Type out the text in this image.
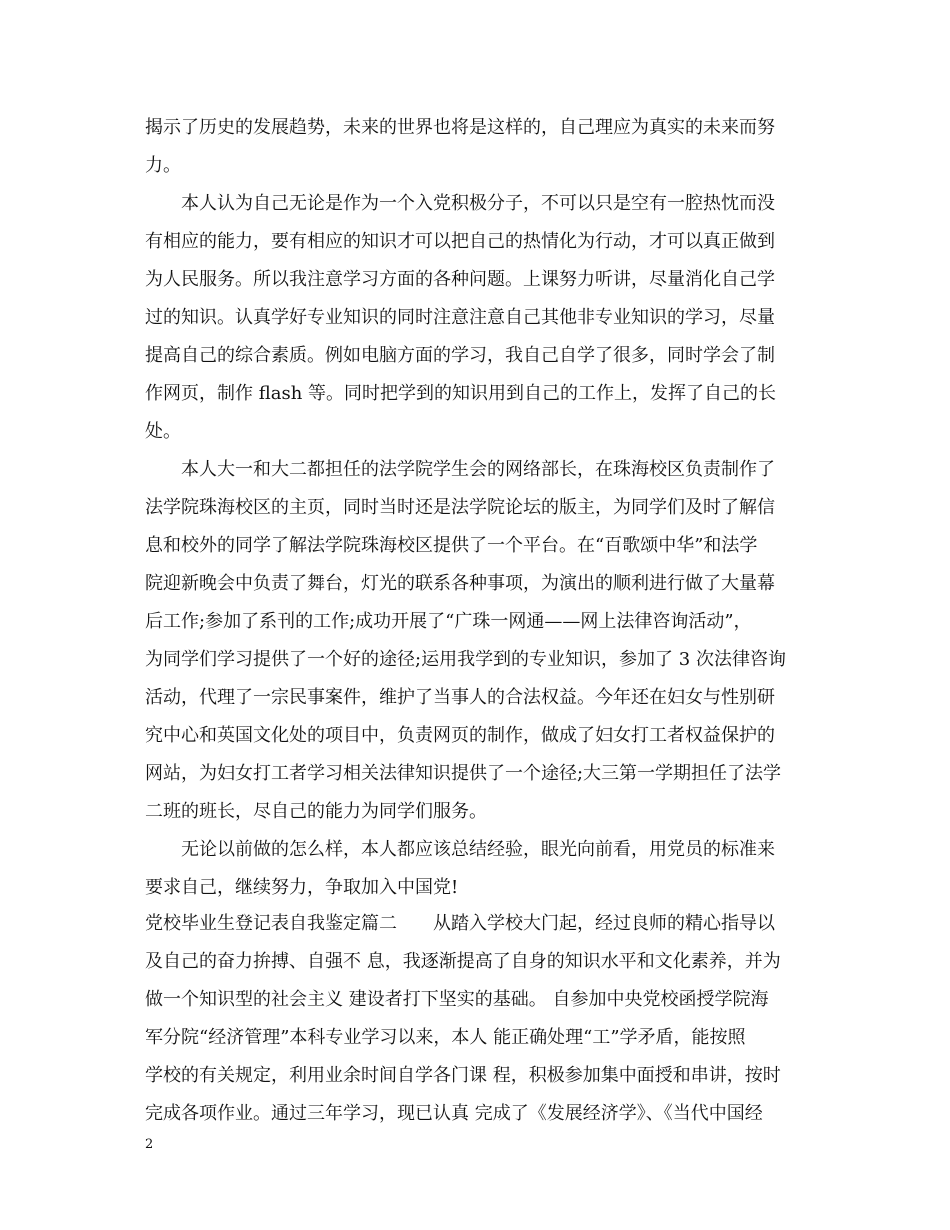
揭示了历史的发展趋势，未来的世界也将是这样的，自己理应为真实的未来而努
力。
本人认为自己无论是作为一个入党积极分子，不可以只是空有一腔热忱而没
有相应的能力，要有相应的知识才可以把自己的热情化为行动，才可以真正做到
为人民服务。所以我注意学习方面的各种问题。上课努力听讲，尽量消化自己学
过的知识。认真学好专业知识的同时注意注意自己其他非专业知识的学习，尽量
提高自己的综合素质。例如电脑方面的学习，我自己自学了很多，同时学会了制
作网页，制作 flash 等。同时把学到的知识用到自己的工作上，发挥了自己的长
处。
本人大一和大二都担任的法学院学生会的网络部长，在珠海校区负责制作了
法学院珠海校区的主页，同时当时还是法学院论坛的版主，为同学们及时了解信
息和校外的同学了解法学院珠海校区提供了一个平台。在“百歌颂中华”和法学
院迎新晚会中负责了舞台，灯光的联系各种事项，为演出的顺利进行做了大量幕
后工作;参加了系刊的工作;成功开展了“广珠一网通——网上法律咨询活动”，
为同学们学习提供了一个好的途径;运用我学到的专业知识，参加了 3 次法律咨询
活动，代理了一宗民事案件，维护了当事人的合法权益。今年还在妇女与性别研
究中心和英国文化处的项目中，负责网页的制作，做成了妇女打工者权益保护的
网站，为妇女打工者学习相关法律知识提供了一个途径;大三第一学期担任了法学
二班的班长，尽自己的能力为同学们服务。
无论以前做的怎么样，本人都应该总结经验，眼光向前看，用党员的标准来
要求自己，继续努力，争取加入中国党!
党校毕业生登记表自我鉴定篇二　　从踏入学校大门起，经过良师的精心指导以
及自己的奋力拚搏、自强不 息，我逐渐提高了自身的知识水平和文化素养，并为
做一个知识型的社会主义 建设者打下坚实的基础。 自参加中央党校函授学院海
军分院“经济管理”本科专业学习以来，本人 能正确处理“工”学矛盾，能按照
学校的有关规定，利用业余时间自学各门课 程，积极参加集中面授和串讲，按时
完成各项作业。通过三年学习，现已认真 完成了《发展经济学》、《当代中国经
2
